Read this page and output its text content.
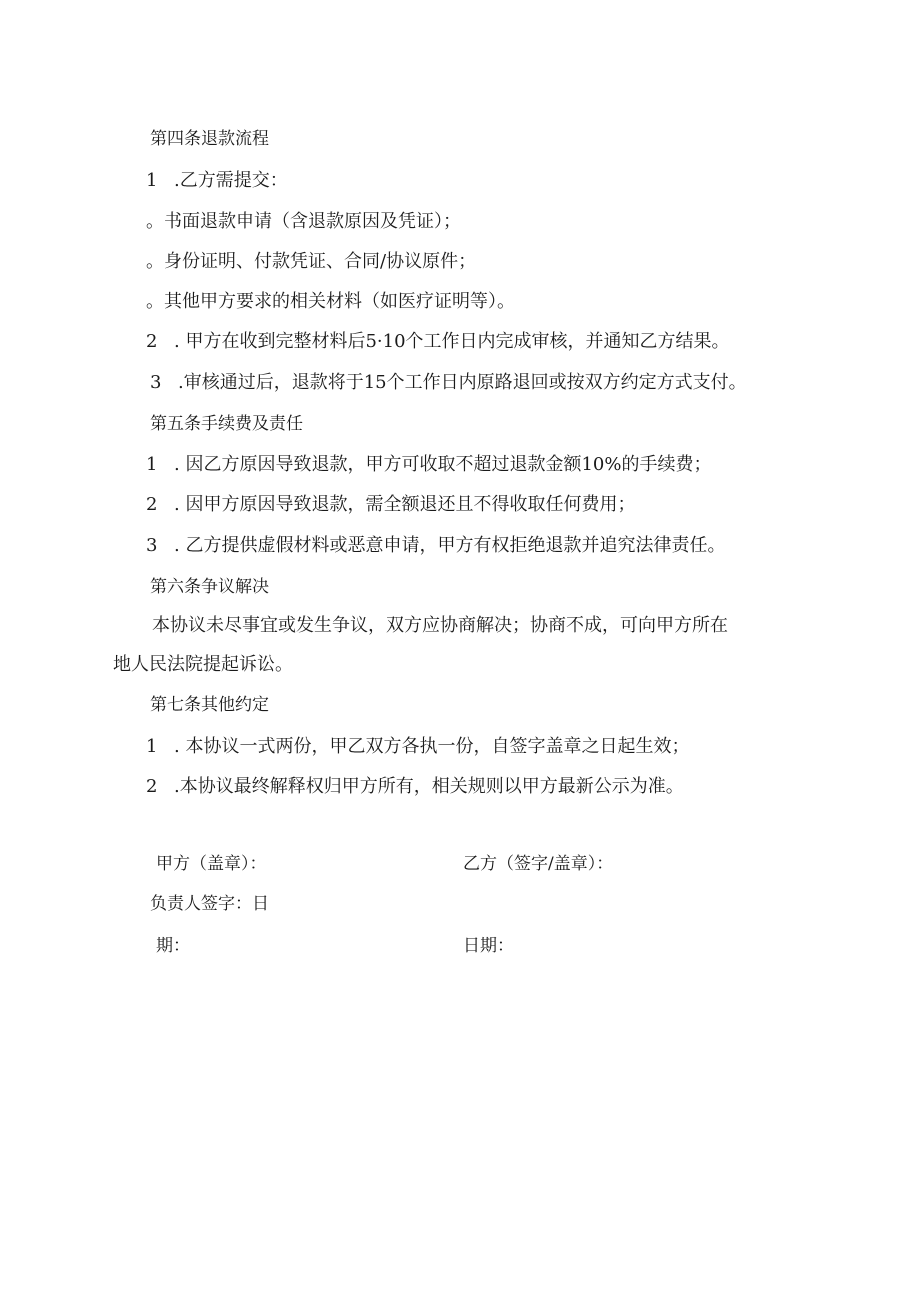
第四条退款流程
1 .乙方需提交：
。书面退款申请（含退款原因及凭证）；
。身份证明、付款凭证、合同/协议原件；
。其他甲方要求的相关材料（如医疗证明等）。
2 . 甲方在收到完整材料后5·10个工作日内完成审核，并通知乙方结果。
3 .审核通过后，退款将于15个工作日内原路退回或按双方约定方式支付。
第五条手续费及责任
1 . 因乙方原因导致退款，甲方可收取不超过退款金额10%的手续费；
2 . 因甲方原因导致退款，需全额退还且不得收取任何费用；
3 . 乙方提供虚假材料或恶意申请，甲方有权拒绝退款并追究法律责任。
第六条争议解决
本协议未尽事宜或发生争议，双方应协商解决；协商不成，可向甲方所在
地人民法院提起诉讼。
第七条其他约定
1 . 本协议一式两份，甲乙双方各执一份，自签字盖章之日起生效；
2 .本协议最终解释权归甲方所有，相关规则以甲方最新公示为准。
甲方（盖章）：	乙方（签字/盖章）：
负责人签字：日
期：	日期：
